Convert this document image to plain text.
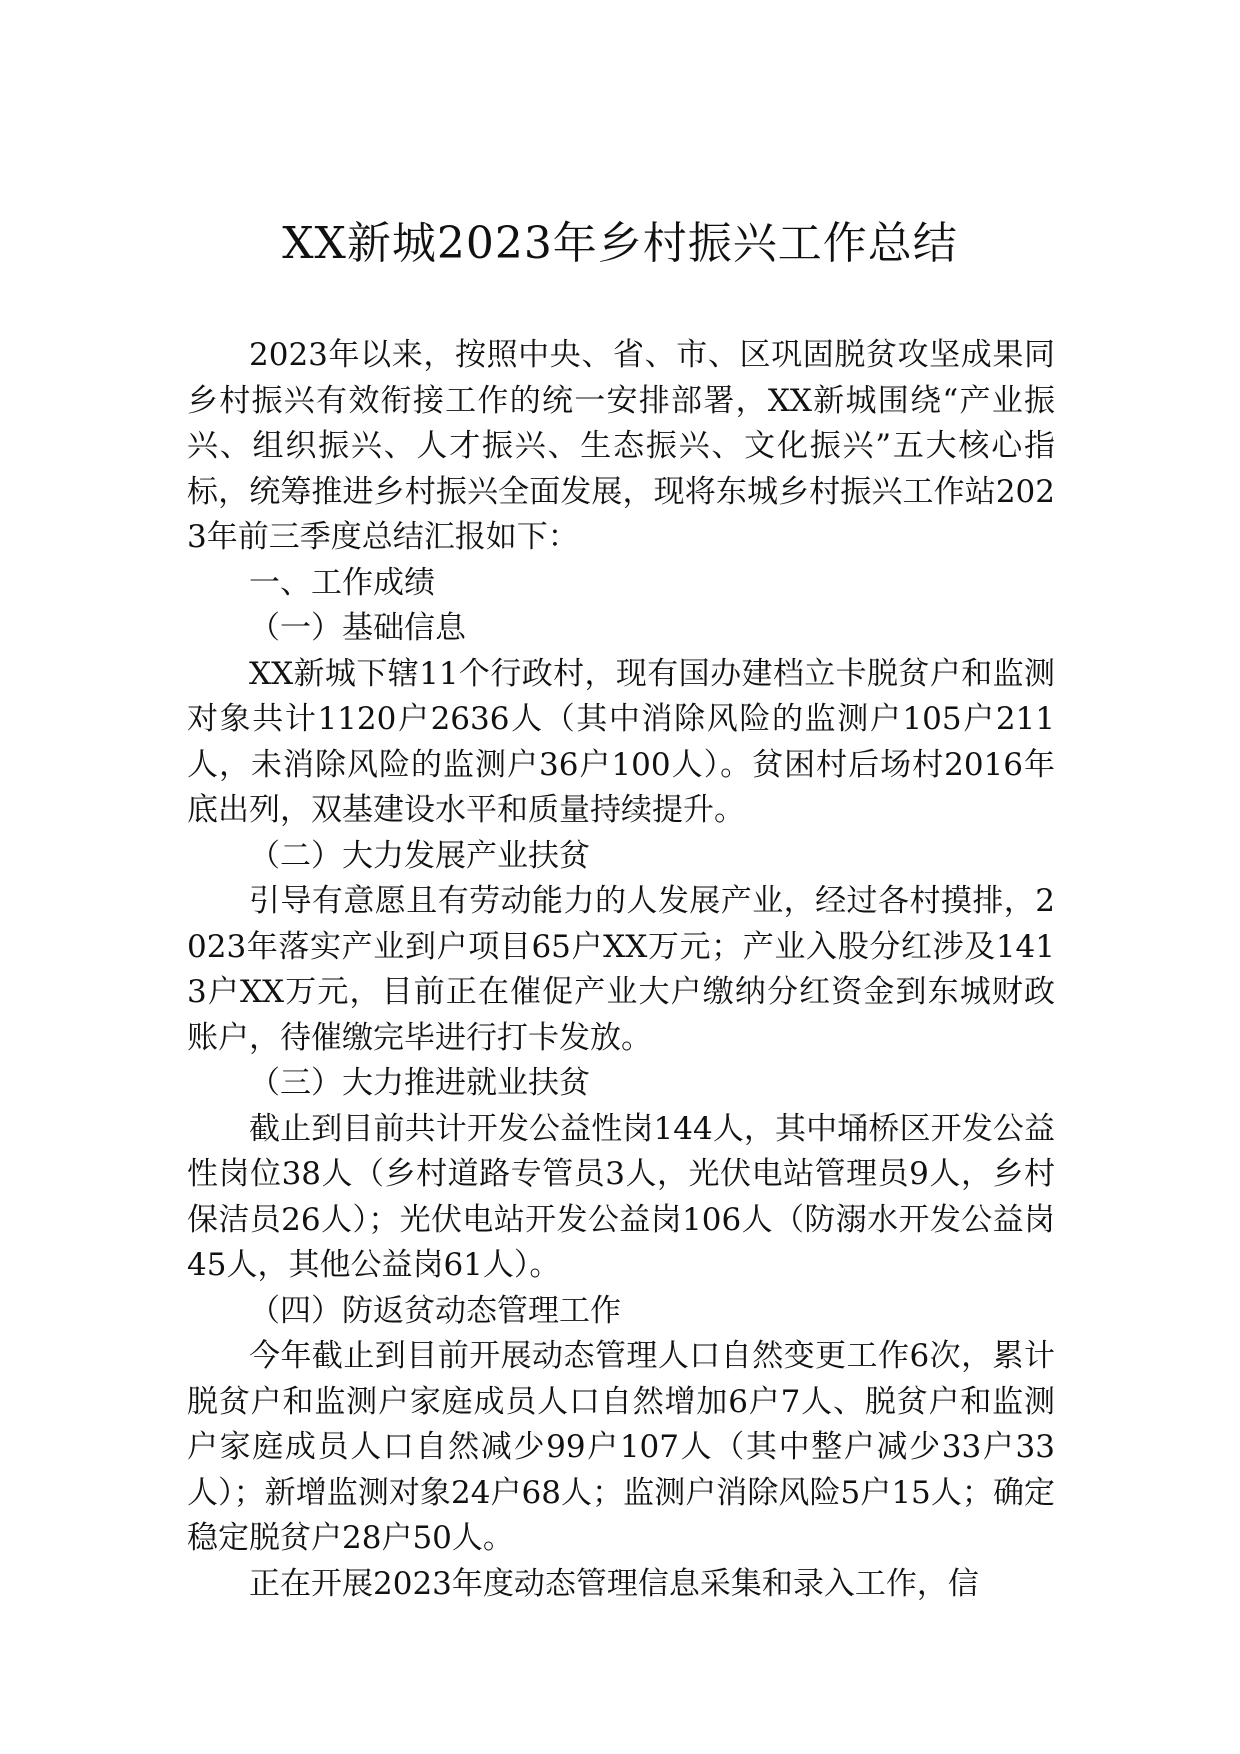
XX新城2023年乡村振兴工作总结

2023年以来，按照中央、省、市、区巩固脱贫攻坚成果同乡村振兴有效衔接工作的统一安排部署，XX新城围绕“产业振兴、组织振兴、人才振兴、生态振兴、文化振兴”五大核心指标，统筹推进乡村振兴全面发展，现将东城乡村振兴工作站2023年前三季度总结汇报如下：

一、工作成绩

（一）基础信息

XX新城下辖11个行政村，现有国办建档立卡脱贫户和监测对象共计1120户2636人（其中消除风险的监测户105户211人，未消除风险的监测户36户100人）。贫困村后场村2016年底出列，双基建设水平和质量持续提升。

（二）大力发展产业扶贫

引导有意愿且有劳动能力的人发展产业，经过各村摸排，2023年落实产业到户项目65户XX万元；产业入股分红涉及1413户XX万元，目前正在催促产业大户缴纳分红资金到东城财政账户，待催缴完毕进行打卡发放。

（三）大力推进就业扶贫

截止到目前共计开发公益性岗144人，其中埇桥区开发公益性岗位38人（乡村道路专管员3人，光伏电站管理员9人，乡村保洁员26人）；光伏电站开发公益岗106人（防溺水开发公益岗45人，其他公益岗61人）。

（四）防返贫动态管理工作

今年截止到目前开展动态管理人口自然变更工作6次，累计脱贫户和监测户家庭成员人口自然增加6户7人、脱贫户和监测户家庭成员人口自然减少99户107人（其中整户减少33户33人）；新增监测对象24户68人；监测户消除风险5户15人；确定稳定脱贫户28户50人。

正在开展2023年度动态管理信息采集和录入工作，信
